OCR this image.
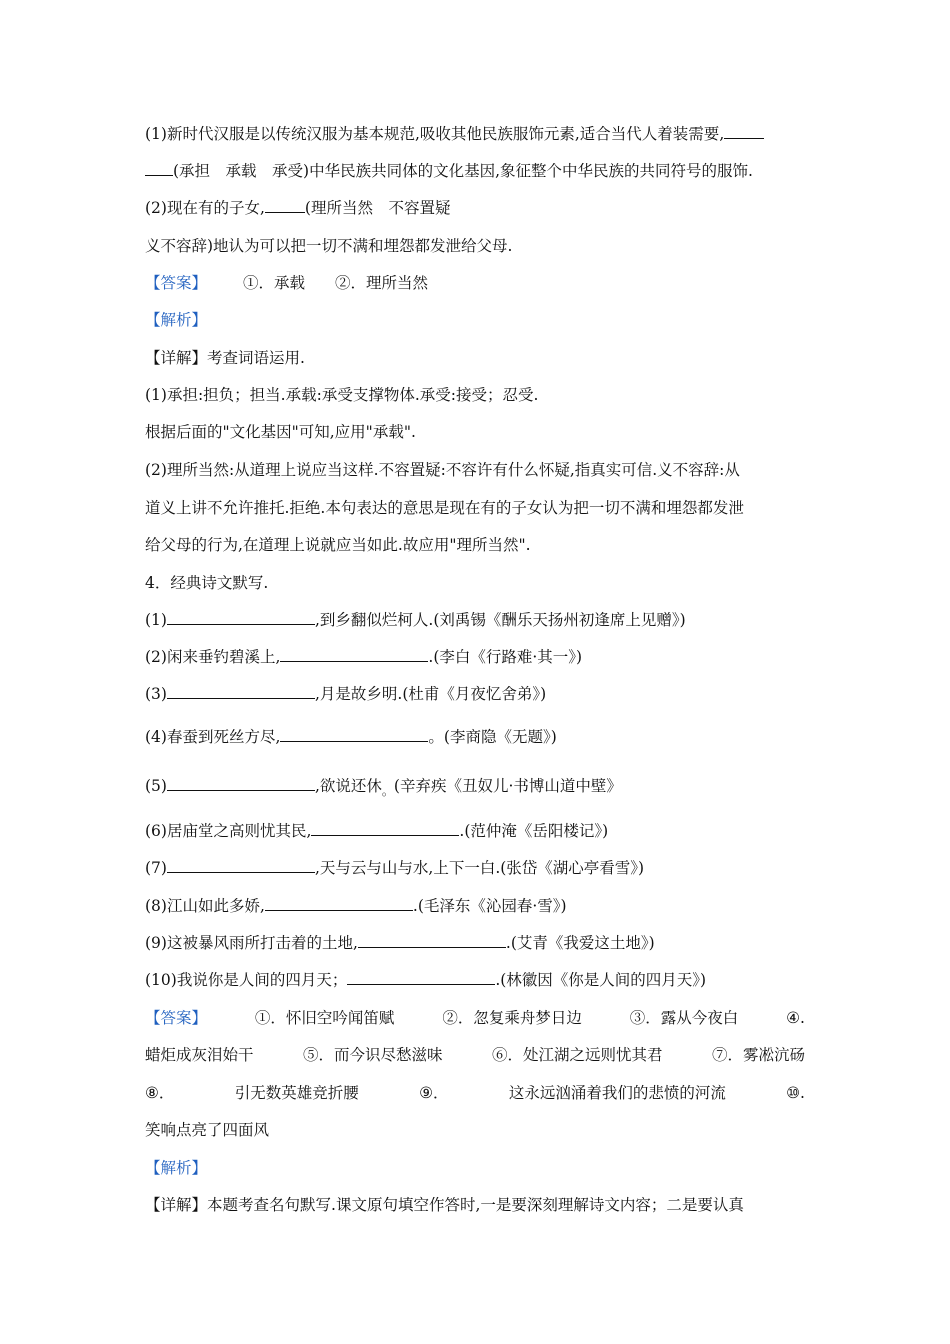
(1)新时代汉服是以传统汉服为基本规范,吸收其他民族服饰元素,适合当代人着装需要,
(承担　承载　承受)中华民族共同体的文化基因,象征整个中华民族的共同符号的服饰.
(2)现在有的子女,	(理所当然　不容置疑
义不容辞)地认为可以把一切不满和埋怨都发泄给父母.
【答案】 ①．承载 ②．理所当然
【解析】
【详解】考查词语运用.
(1)承担:担负；担当.承载:承受支撑物体.承受:接受；忍受.
根据后面的"文化基因"可知,应用"承载".
(2)理所当然:从道理上说应当这样.不容置疑:不容许有什么怀疑,指真实可信.义不容辞:从
道义上讲不允许推托.拒绝.本句表达的意思是现在有的子女认为把一切不满和埋怨都发泄
给父母的行为,在道理上说就应当如此.故应用"理所当然".
4．经典诗文默写.
(1)	,到乡翻似烂柯人.(刘禹锡《酬乐天扬州初逢席上见赠》)
(2)闲来垂钓碧溪上,	.(李白《行路难·其一》)
(3)	,月是故乡明.(杜甫《月夜忆舍弟》)
(4)春蚕到死丝方尽,	。(李商隐《无题》)
(5)	,欲说还休$_。$(辛弃疾《丑奴儿·书博山道中壁》
(6)居庙堂之高则忧其民,	.(范仲淹《岳阳楼记》)
(7)	,天与云与山与水,上下一白.(张岱《湖心亭看雪》)
(8)江山如此多娇,	.(毛泽东《沁园春·雪》)
(9)这被暴风雨所打击着的土地,	.(艾青《我爱这土地》)
(10)我说你是人间的四月天；	.(林徽因《你是人间的四月天》)
【答案】	①．怀旧空吟闻笛赋	②．忽复乘舟梦日边	③．露从今夜白	④.
蜡炬成灰泪始干	⑤．而今识尽愁滋味	⑥．处江湖之远则忧其君	⑦．雾凇沆砀
⑧．	引无数英雄竞折腰	⑨．	这永远汹涌着我们的悲愤的河流	⑩.
笑响点亮了四面风
【解析】
【详解】本题考查名句默写.课文原句填空作答时,一是要深刻理解诗文内容；二是要认真
